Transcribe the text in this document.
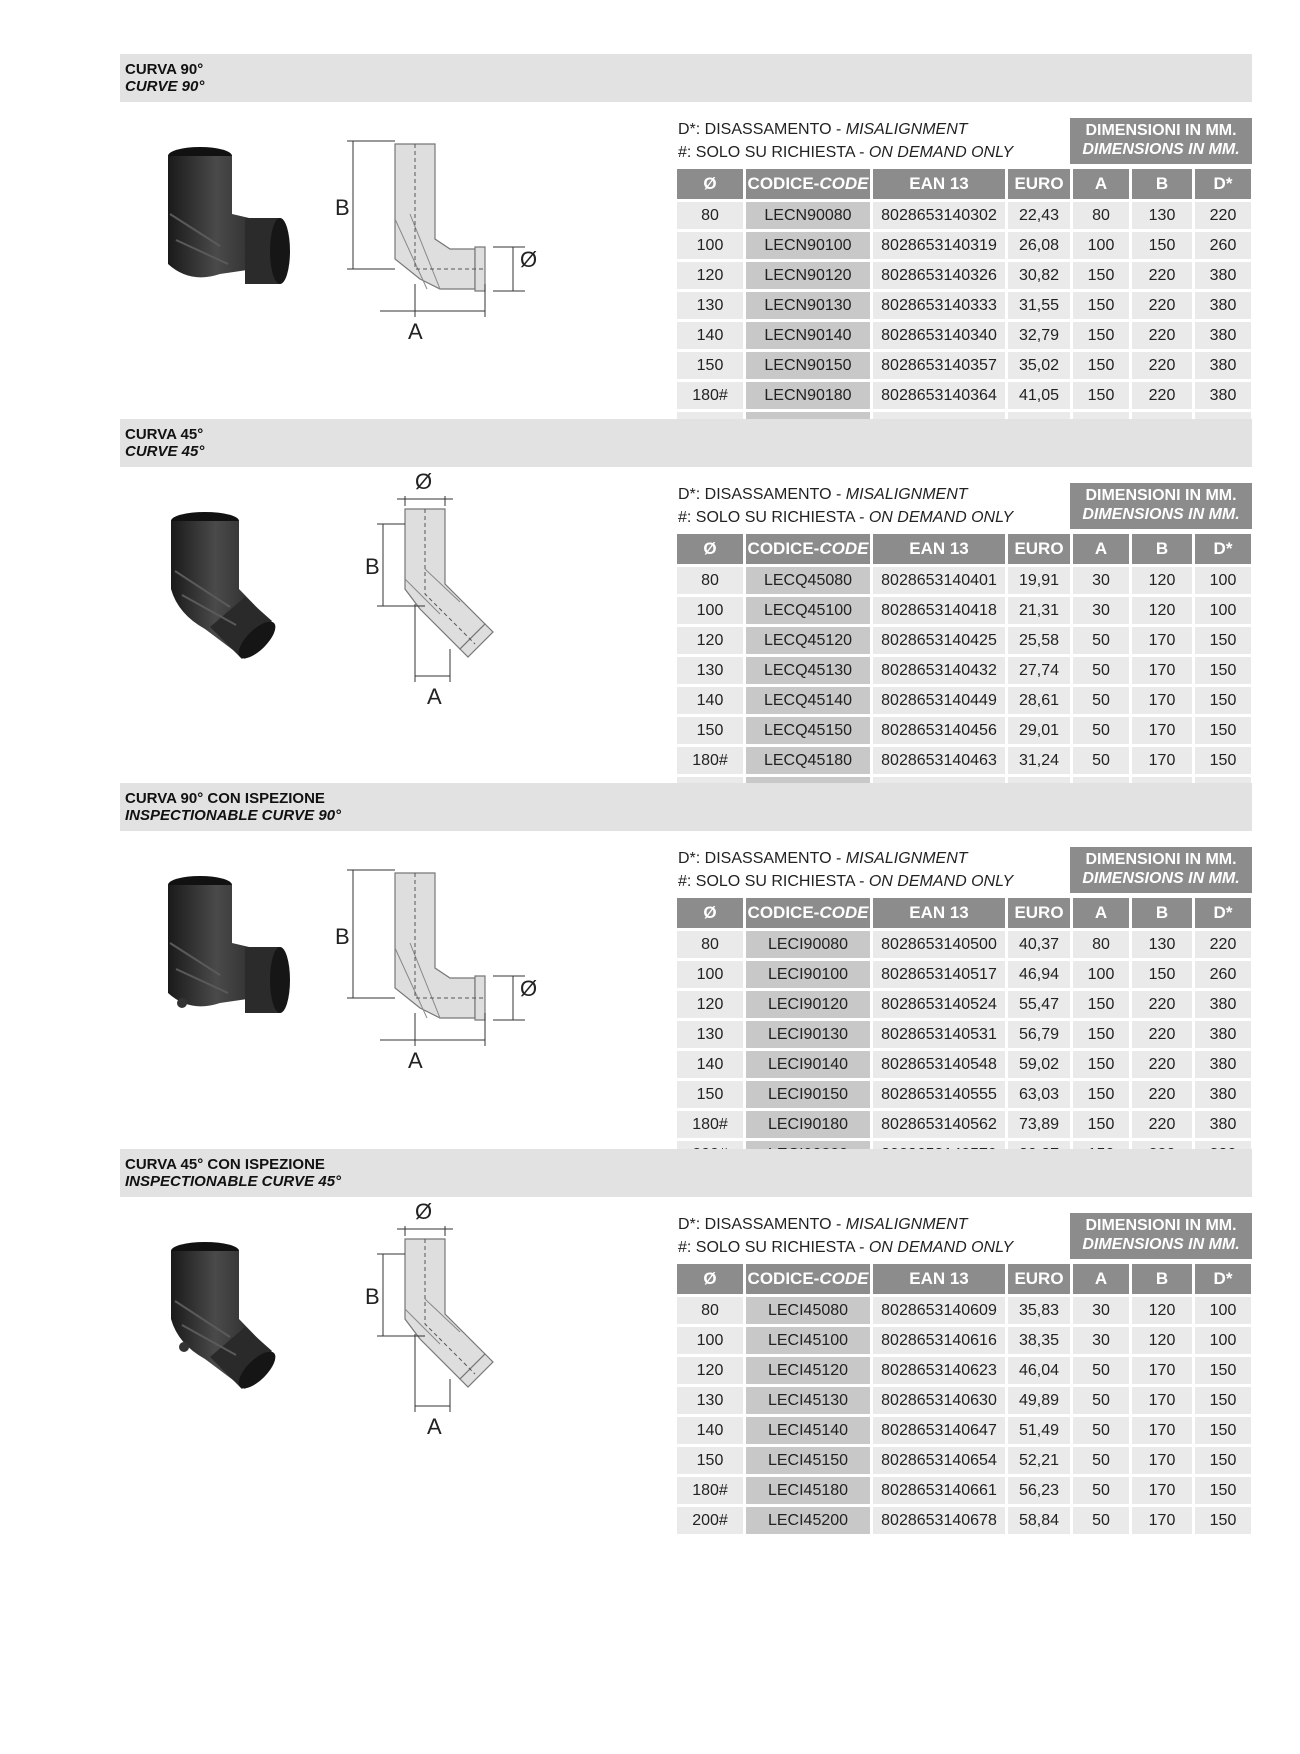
CURVA 90°
CURVE 90°
B
A
Ø
D*: DISASSAMENTO - MISALIGNMENT
#: SOLO SU RICHIESTA - ON DEMAND ONLY
DIMENSIONI IN MM.
DIMENSIONS IN MM.
Ø	CODICE-CODE	EAN 13	EURO	A	B	D*
80	LECN90080	8028653140302	22,43	80	130	220
100	LECN90100	8028653140319	26,08	100	150	260
120	LECN90120	8028653140326	30,82	150	220	380
130	LECN90130	8028653140333	31,55	150	220	380
140	LECN90140	8028653140340	32,79	150	220	380
150	LECN90150	8028653140357	35,02	150	220	380
180#	LECN90180	8028653140364	41,05	150	220	380

CURVA 45°
CURVE 45°
Ø
B
A
D*: DISASSAMENTO - MISALIGNMENT
#: SOLO SU RICHIESTA - ON DEMAND ONLY
DIMENSIONI IN MM.
DIMENSIONS IN MM.
Ø	CODICE-CODE	EAN 13	EURO	A	B	D*
80	LECQ45080	8028653140401	19,91	30	120	100
100	LECQ45100	8028653140418	21,31	30	120	100
120	LECQ45120	8028653140425	25,58	50	170	150
130	LECQ45130	8028653140432	27,74	50	170	150
140	LECQ45140	8028653140449	28,61	50	170	150
150	LECQ45150	8028653140456	29,01	50	170	150
180#	LECQ45180	8028653140463	31,24	50	170	150

CURVA 90° CON ISPEZIONE
INSPECTIONABLE CURVE 90°
B
A
Ø
D*: DISASSAMENTO - MISALIGNMENT
#: SOLO SU RICHIESTA - ON DEMAND ONLY
DIMENSIONI IN MM.
DIMENSIONS IN MM.
Ø	CODICE-CODE	EAN 13	EURO	A	B	D*
80	LECI90080	8028653140500	40,37	80	130	220
100	LECI90100	8028653140517	46,94	100	150	260
120	LECI90120	8028653140524	55,47	150	220	380
130	LECI90130	8028653140531	56,79	150	220	380
140	LECI90140	8028653140548	59,02	150	220	380
150	LECI90150	8028653140555	63,03	150	220	380
180#	LECI90180	8028653140562	73,89	150	220	380

CURVA 45° CON ISPEZIONE
INSPECTIONABLE CURVE 45°
Ø
B
A
D*: DISASSAMENTO - MISALIGNMENT
#: SOLO SU RICHIESTA - ON DEMAND ONLY
DIMENSIONI IN MM.
DIMENSIONS IN MM.
Ø	CODICE-CODE	EAN 13	EURO	A	B	D*
80	LECI45080	8028653140609	35,83	30	120	100
100	LECI45100	8028653140616	38,35	30	120	100
120	LECI45120	8028653140623	46,04	50	170	150
130	LECI45130	8028653140630	49,89	50	170	150
140	LECI45140	8028653140647	51,49	50	170	150
150	LECI45150	8028653140654	52,21	50	170	150
180#	LECI45180	8028653140661	56,23	50	170	150
200#	LECI45200	8028653140678	58,84	50	170	150
